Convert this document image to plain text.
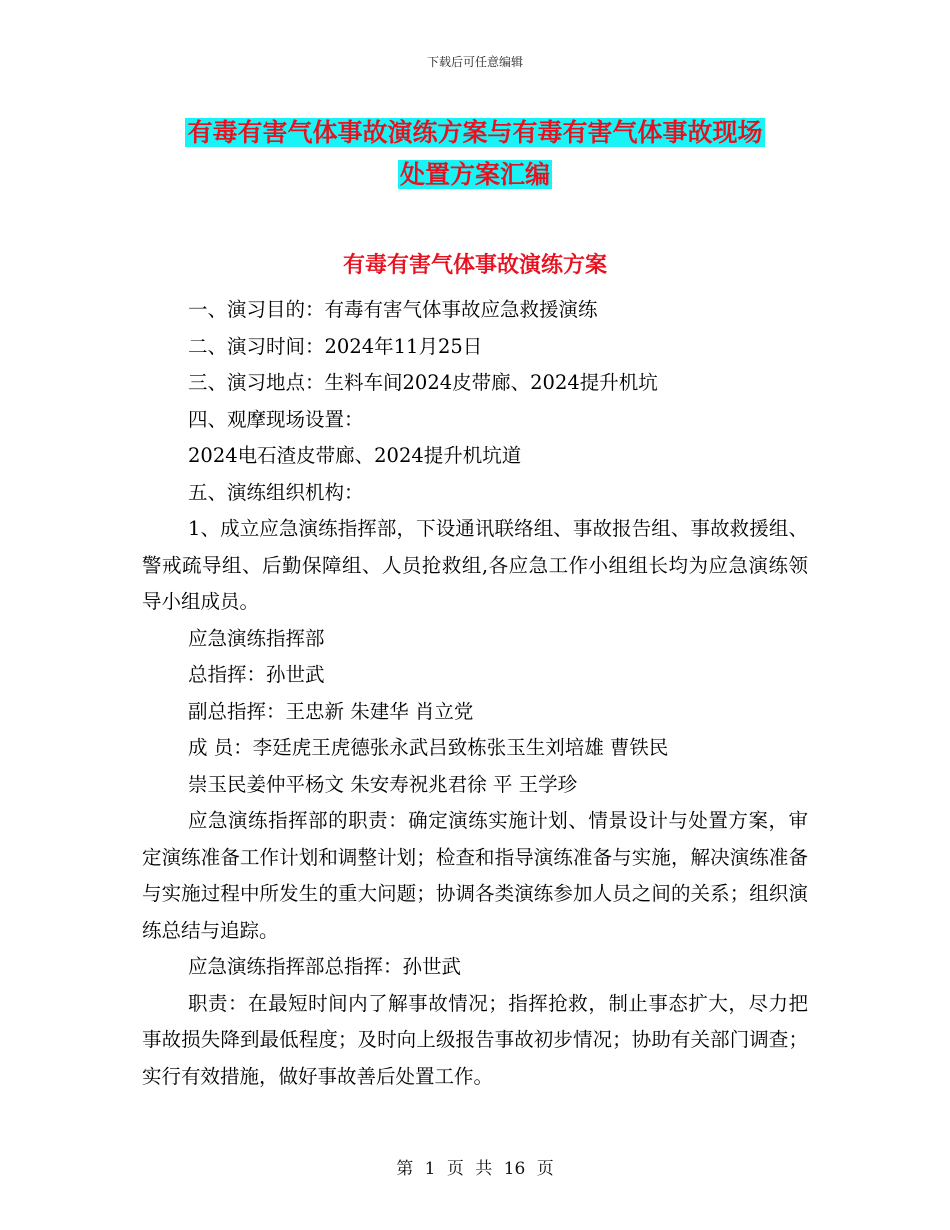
下载后可任意编辑
有毒有害气体事故演练方案与有毒有害气体事故现场
处置方案汇编
有毒有害气体事故演练方案

一、演习目的：有毒有害气体事故应急救援演练

二、演习时间：2024年11月25日

三、演习地点：生料车间2024皮带廊、2024提升机坑

四、观摩现场设置：

2024电石渣皮带廊、2024提升机坑道

五、演练组织机构：

1、成立应急演练指挥部，下设通讯联络组、事故报告组、事故救援组、警戒疏导组、后勤保障组、人员抢救组,各应急工作小组组长均为应急演练领导小组成员。

应急演练指挥部

总指挥：孙世武

副总指挥：王忠新 朱建华 肖立党

成 员：李廷虎王虎德张永武吕致栋张玉生刘培雄 曹铁民

崇玉民姜仲平杨文 朱安寿祝兆君徐 平 王学珍

应急演练指挥部的职责：确定演练实施计划、情景设计与处置方案，审定演练准备工作计划和调整计划；检查和指导演练准备与实施，解决演练准备与实施过程中所发生的重大问题；协调各类演练参加人员之间的关系；组织演练总结与追踪。

应急演练指挥部总指挥：孙世武

职责：在最短时间内了解事故情况；指挥抢救，制止事态扩大，尽力把事故损失降到最低程度；及时向上级报告事故初步情况；协助有关部门调查；实行有效措施，做好事故善后处置工作。

第 1 页 共 16 页
